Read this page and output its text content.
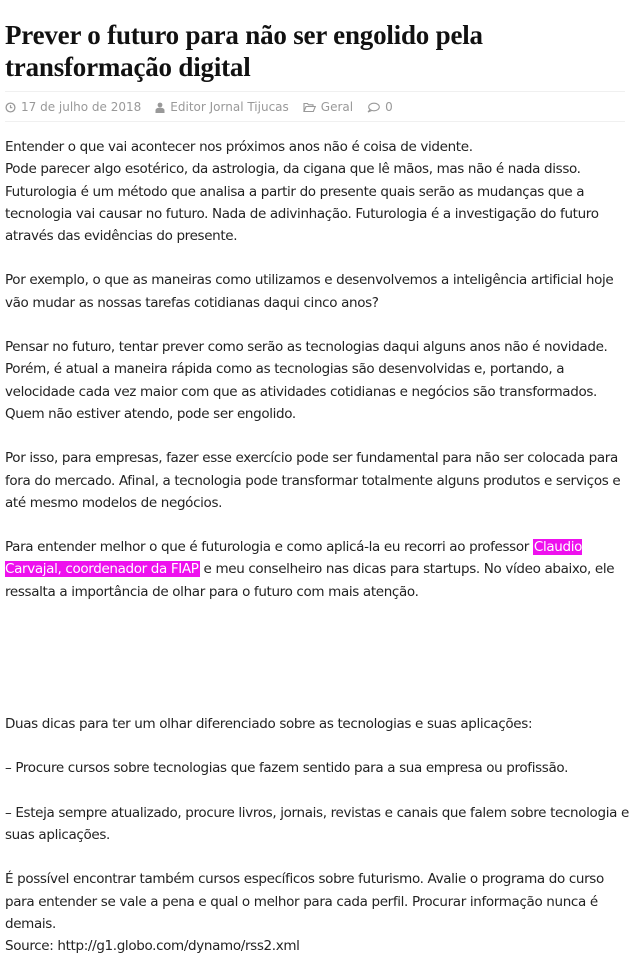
Prever o futuro para não ser engolido pela transformação digital
17 de julho de 2018 Editor Jornal Tijucas	Geral	0

Entender o que vai acontecer nos próximos anos não é coisa de vidente.
Pode parecer algo esotérico, da astrologia, da cigana que lê mãos, mas não é nada disso.
Futurologia é um método que analisa a partir do presente quais serão as mudanças que a tecnologia vai causar no futuro. Nada de adivinhação. Futurologia é a investigação do futuro através das evidências do presente.

Por exemplo, o que as maneiras como utilizamos e desenvolvemos a inteligência artificial hoje vão mudar as nossas tarefas cotidianas daqui cinco anos?

Pensar no futuro, tentar prever como serão as tecnologias daqui alguns anos não é novidade. Porém, é atual a maneira rápida como as tecnologias são desenvolvidas e, portando, a velocidade cada vez maior com que as atividades cotidianas e negócios são transformados. Quem não estiver atendo, pode ser engolido.

Por isso, para empresas, fazer esse exercício pode ser fundamental para não ser colocada para fora do mercado. Afinal, a tecnologia pode transformar totalmente alguns produtos e serviços e até mesmo modelos de negócios.

Para entender melhor o que é futurologia e como aplicá-la eu recorri ao professor Claudio Carvajal, coordenador da FIAP e meu conselheiro nas dicas para startups. No vídeo abaixo, ele ressalta a importância de olhar para o futuro com mais atenção.

Duas dicas para ter um olhar diferenciado sobre as tecnologias e suas aplicações:

– Procure cursos sobre tecnologias que fazem sentido para a sua empresa ou profissão.

– Esteja sempre atualizado, procure livros, jornais, revistas e canais que falem sobre tecnologia e suas aplicações.

É possível encontrar também cursos específicos sobre futurismo. Avalie o programa do curso para entender se vale a pena e qual o melhor para cada perfil. Procurar informação nunca é demais.
Source: http://g1.globo.com/dynamo/rss2.xml
